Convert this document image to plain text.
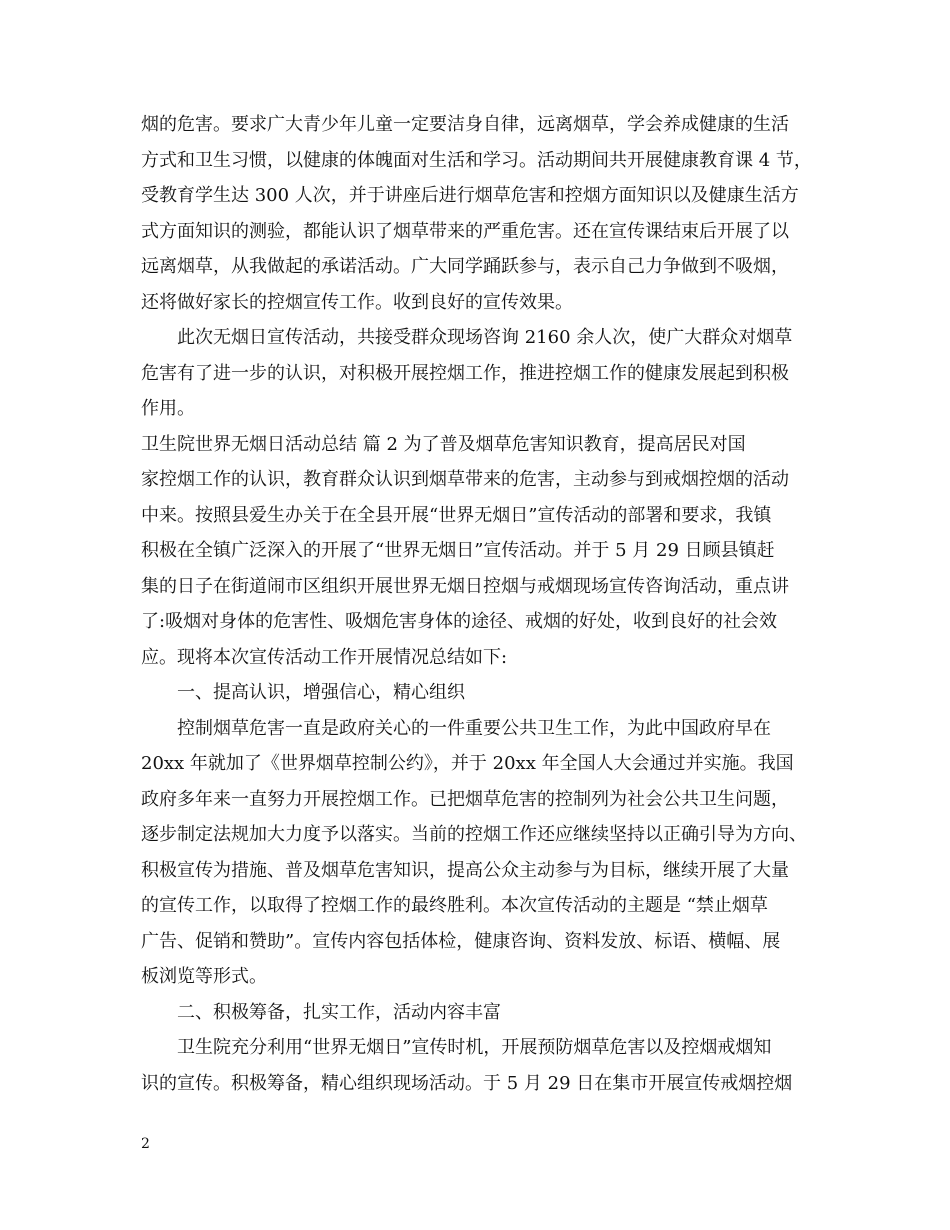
烟的危害。要求广大青少年儿童一定要洁身自律，远离烟草，学会养成健康的生活
方式和卫生习惯，以健康的体魄面对生活和学习。活动期间共开展健康教育课 4 节，
受教育学生达 300 人次，并于讲座后进行烟草危害和控烟方面知识以及健康生活方
式方面知识的测验，都能认识了烟草带来的严重危害。还在宣传课结束后开展了以
远离烟草，从我做起的承诺活动。广大同学踊跃参与，表示自己力争做到不吸烟，
还将做好家长的控烟宣传工作。收到良好的宣传效果。
此次无烟日宣传活动，共接受群众现场咨询 2160 余人次，使广大群众对烟草
危害有了进一步的认识，对积极开展控烟工作，推进控烟工作的健康发展起到积极
作用。
卫生院世界无烟日活动总结 篇 2 为了普及烟草危害知识教育，提高居民对国
家控烟工作的认识，教育群众认识到烟草带来的危害，主动参与到戒烟控烟的活动
中来。按照县爱生办关于在全县开展“世界无烟日”宣传活动的部署和要求，我镇
积极在全镇广泛深入的开展了“世界无烟日”宣传活动。并于 5 月 29 日顾县镇赶
集的日子在街道闹市区组织开展世界无烟日控烟与戒烟现场宣传咨询活动，重点讲
了:吸烟对身体的危害性、吸烟危害身体的途径、戒烟的好处，收到良好的社会效
应。现将本次宣传活动工作开展情况总结如下:
一、提高认识，增强信心，精心组织
控制烟草危害一直是政府关心的一件重要公共卫生工作，为此中国政府早在
20xx 年就加了《世界烟草控制公约》，并于 20xx 年全国人大会通过并实施。我国
政府多年来一直努力开展控烟工作。已把烟草危害的控制列为社会公共卫生问题，
逐步制定法规加大力度予以落实。当前的控烟工作还应继续坚持以正确引导为方向、
积极宣传为措施、普及烟草危害知识，提高公众主动参与为目标，继续开展了大量
的宣传工作，以取得了控烟工作的最终胜利。本次宣传活动的主题是 “禁止烟草
广告、促销和赞助”。宣传内容包括体检，健康咨询、资料发放、标语、横幅、展
板浏览等形式。
二、积极筹备，扎实工作，活动内容丰富
卫生院充分利用“世界无烟日”宣传时机，开展预防烟草危害以及控烟戒烟知
识的宣传。积极筹备，精心组织现场活动。于 5 月 29 日在集市开展宣传戒烟控烟
2
